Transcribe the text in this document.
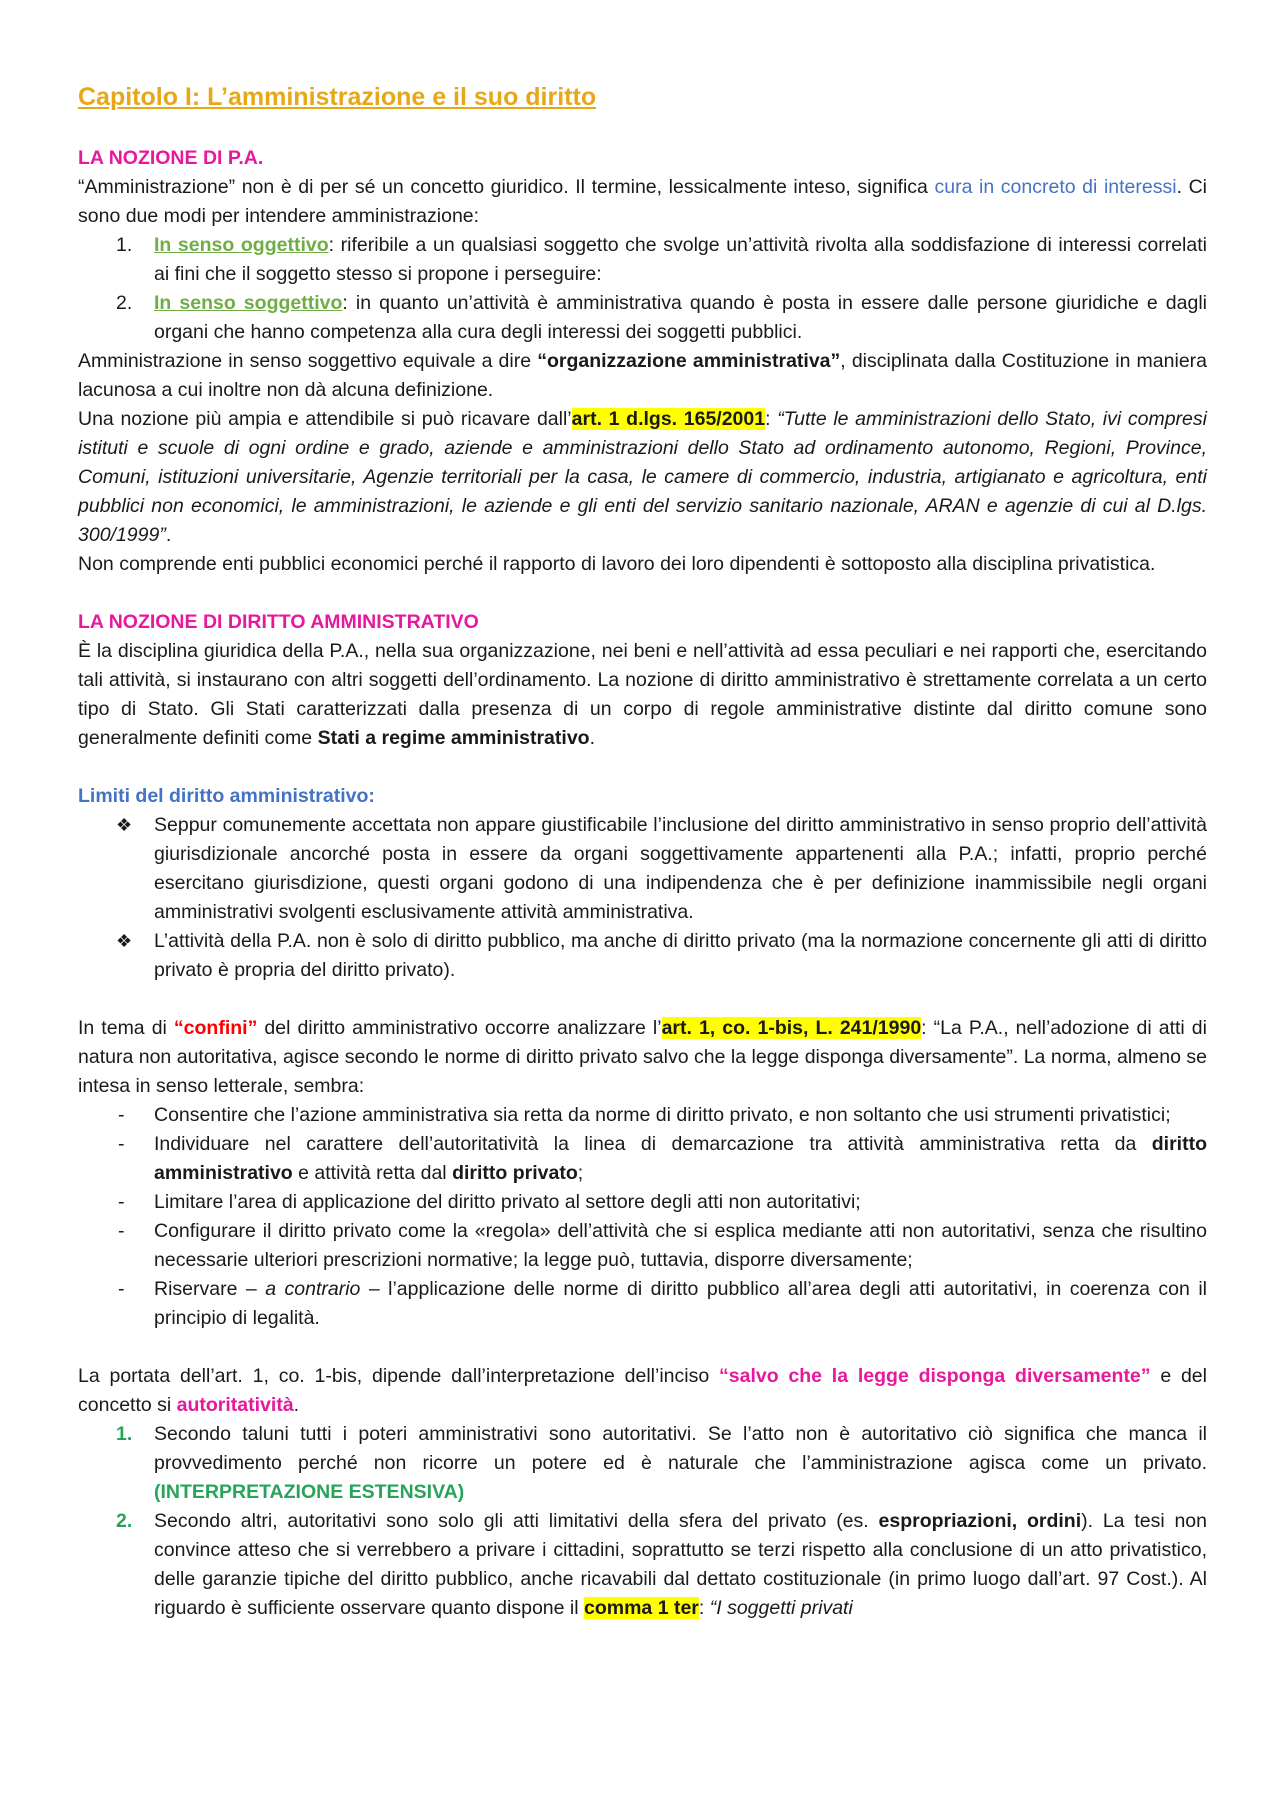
Capitolo I: L’amministrazione e il suo diritto

LA NOZIONE DI P.A.

“Amministrazione” non è di per sé un concetto giuridico. Il termine, lessicalmente inteso, significa cura in concreto di interessi. Ci sono due modi per intendere amministrazione:

1. In senso oggettivo: riferibile a un qualsiasi soggetto che svolge un’attività rivolta alla soddisfazione di interessi correlati ai fini che il soggetto stesso si propone i perseguire:
2. In senso soggettivo: in quanto un’attività è amministrativa quando è posta in essere dalle persone giuridiche e dagli organi che hanno competenza alla cura degli interessi dei soggetti pubblici.

Amministrazione in senso soggettivo equivale a dire “organizzazione amministrativa”, disciplinata dalla Costituzione in maniera lacunosa a cui inoltre non dà alcuna definizione.

Una nozione più ampia e attendibile si può ricavare dall’art. 1 d.lgs. 165/2001: “Tutte le amministrazioni dello Stato, ivi compresi istituti e scuole di ogni ordine e grado, aziende e amministrazioni dello Stato ad ordinamento autonomo, Regioni, Province, Comuni, istituzioni universitarie, Agenzie territoriali per la casa, le camere di commercio, industria, artigianato e agricoltura, enti pubblici non economici, le amministrazioni, le aziende e gli enti del servizio sanitario nazionale, ARAN e agenzie di cui al D.lgs. 300/1999”.

Non comprende enti pubblici economici perché il rapporto di lavoro dei loro dipendenti è sottoposto alla disciplina privatistica.

LA NOZIONE DI DIRITTO AMMINISTRATIVO

È la disciplina giuridica della P.A., nella sua organizzazione, nei beni e nell’attività ad essa peculiari e nei rapporti che, esercitando tali attività, si instaurano con altri soggetti dell’ordinamento. La nozione di diritto amministrativo è strettamente correlata a un certo tipo di Stato. Gli Stati caratterizzati dalla presenza di un corpo di regole amministrative distinte dal diritto comune sono generalmente definiti come Stati a regime amministrativo.

Limiti del diritto amministrativo:

❖ Seppur comunemente accettata non appare giustificabile l’inclusione del diritto amministrativo in senso proprio dell’attività giurisdizionale ancorché posta in essere da organi soggettivamente appartenenti alla P.A.; infatti, proprio perché esercitano giurisdizione, questi organi godono di una indipendenza che è per definizione inammissibile negli organi amministrativi svolgenti esclusivamente attività amministrativa.
❖ L’attività della P.A. non è solo di diritto pubblico, ma anche di diritto privato (ma la normazione concernente gli atti di diritto privato è propria del diritto privato).

In tema di “confini” del diritto amministrativo occorre analizzare l’art. 1, co. 1-bis, L. 241/1990: “La P.A., nell’adozione di atti di natura non autoritativa, agisce secondo le norme di diritto privato salvo che la legge disponga diversamente”. La norma, almeno se intesa in senso letterale, sembra:

- Consentire che l’azione amministrativa sia retta da norme di diritto privato, e non soltanto che usi strumenti privatistici;
- Individuare nel carattere dell’autoritatività la linea di demarcazione tra attività amministrativa retta da diritto amministrativo e attività retta dal diritto privato;
- Limitare l’area di applicazione del diritto privato al settore degli atti non autoritativi;
- Configurare il diritto privato come la «regola» dell’attività che si esplica mediante atti non autoritativi, senza che risultino necessarie ulteriori prescrizioni normative; la legge può, tuttavia, disporre diversamente;
- Riservare – a contrario – l’applicazione delle norme di diritto pubblico all’area degli atti autoritativi, in coerenza con il principio di legalità.

La portata dell’art. 1, co. 1-bis, dipende dall’interpretazione dell’inciso “salvo che la legge disponga diversamente” e del concetto si autoritatività.

1. Secondo taluni tutti i poteri amministrativi sono autoritativi. Se l’atto non è autoritativo ciò significa che manca il provvedimento perché non ricorre un potere ed è naturale che l’amministrazione agisca come un privato. (INTERPRETAZIONE ESTENSIVA)
2. Secondo altri, autoritativi sono solo gli atti limitativi della sfera del privato (es. espropriazioni, ordini). La tesi non convince atteso che si verrebbero a privare i cittadini, soprattutto se terzi rispetto alla conclusione di un atto privatistico, delle garanzie tipiche del diritto pubblico, anche ricavabili dal dettato costituzionale (in primo luogo dall’art. 97 Cost.). Al riguardo è sufficiente osservare quanto dispone il comma 1 ter: “I soggetti privati
